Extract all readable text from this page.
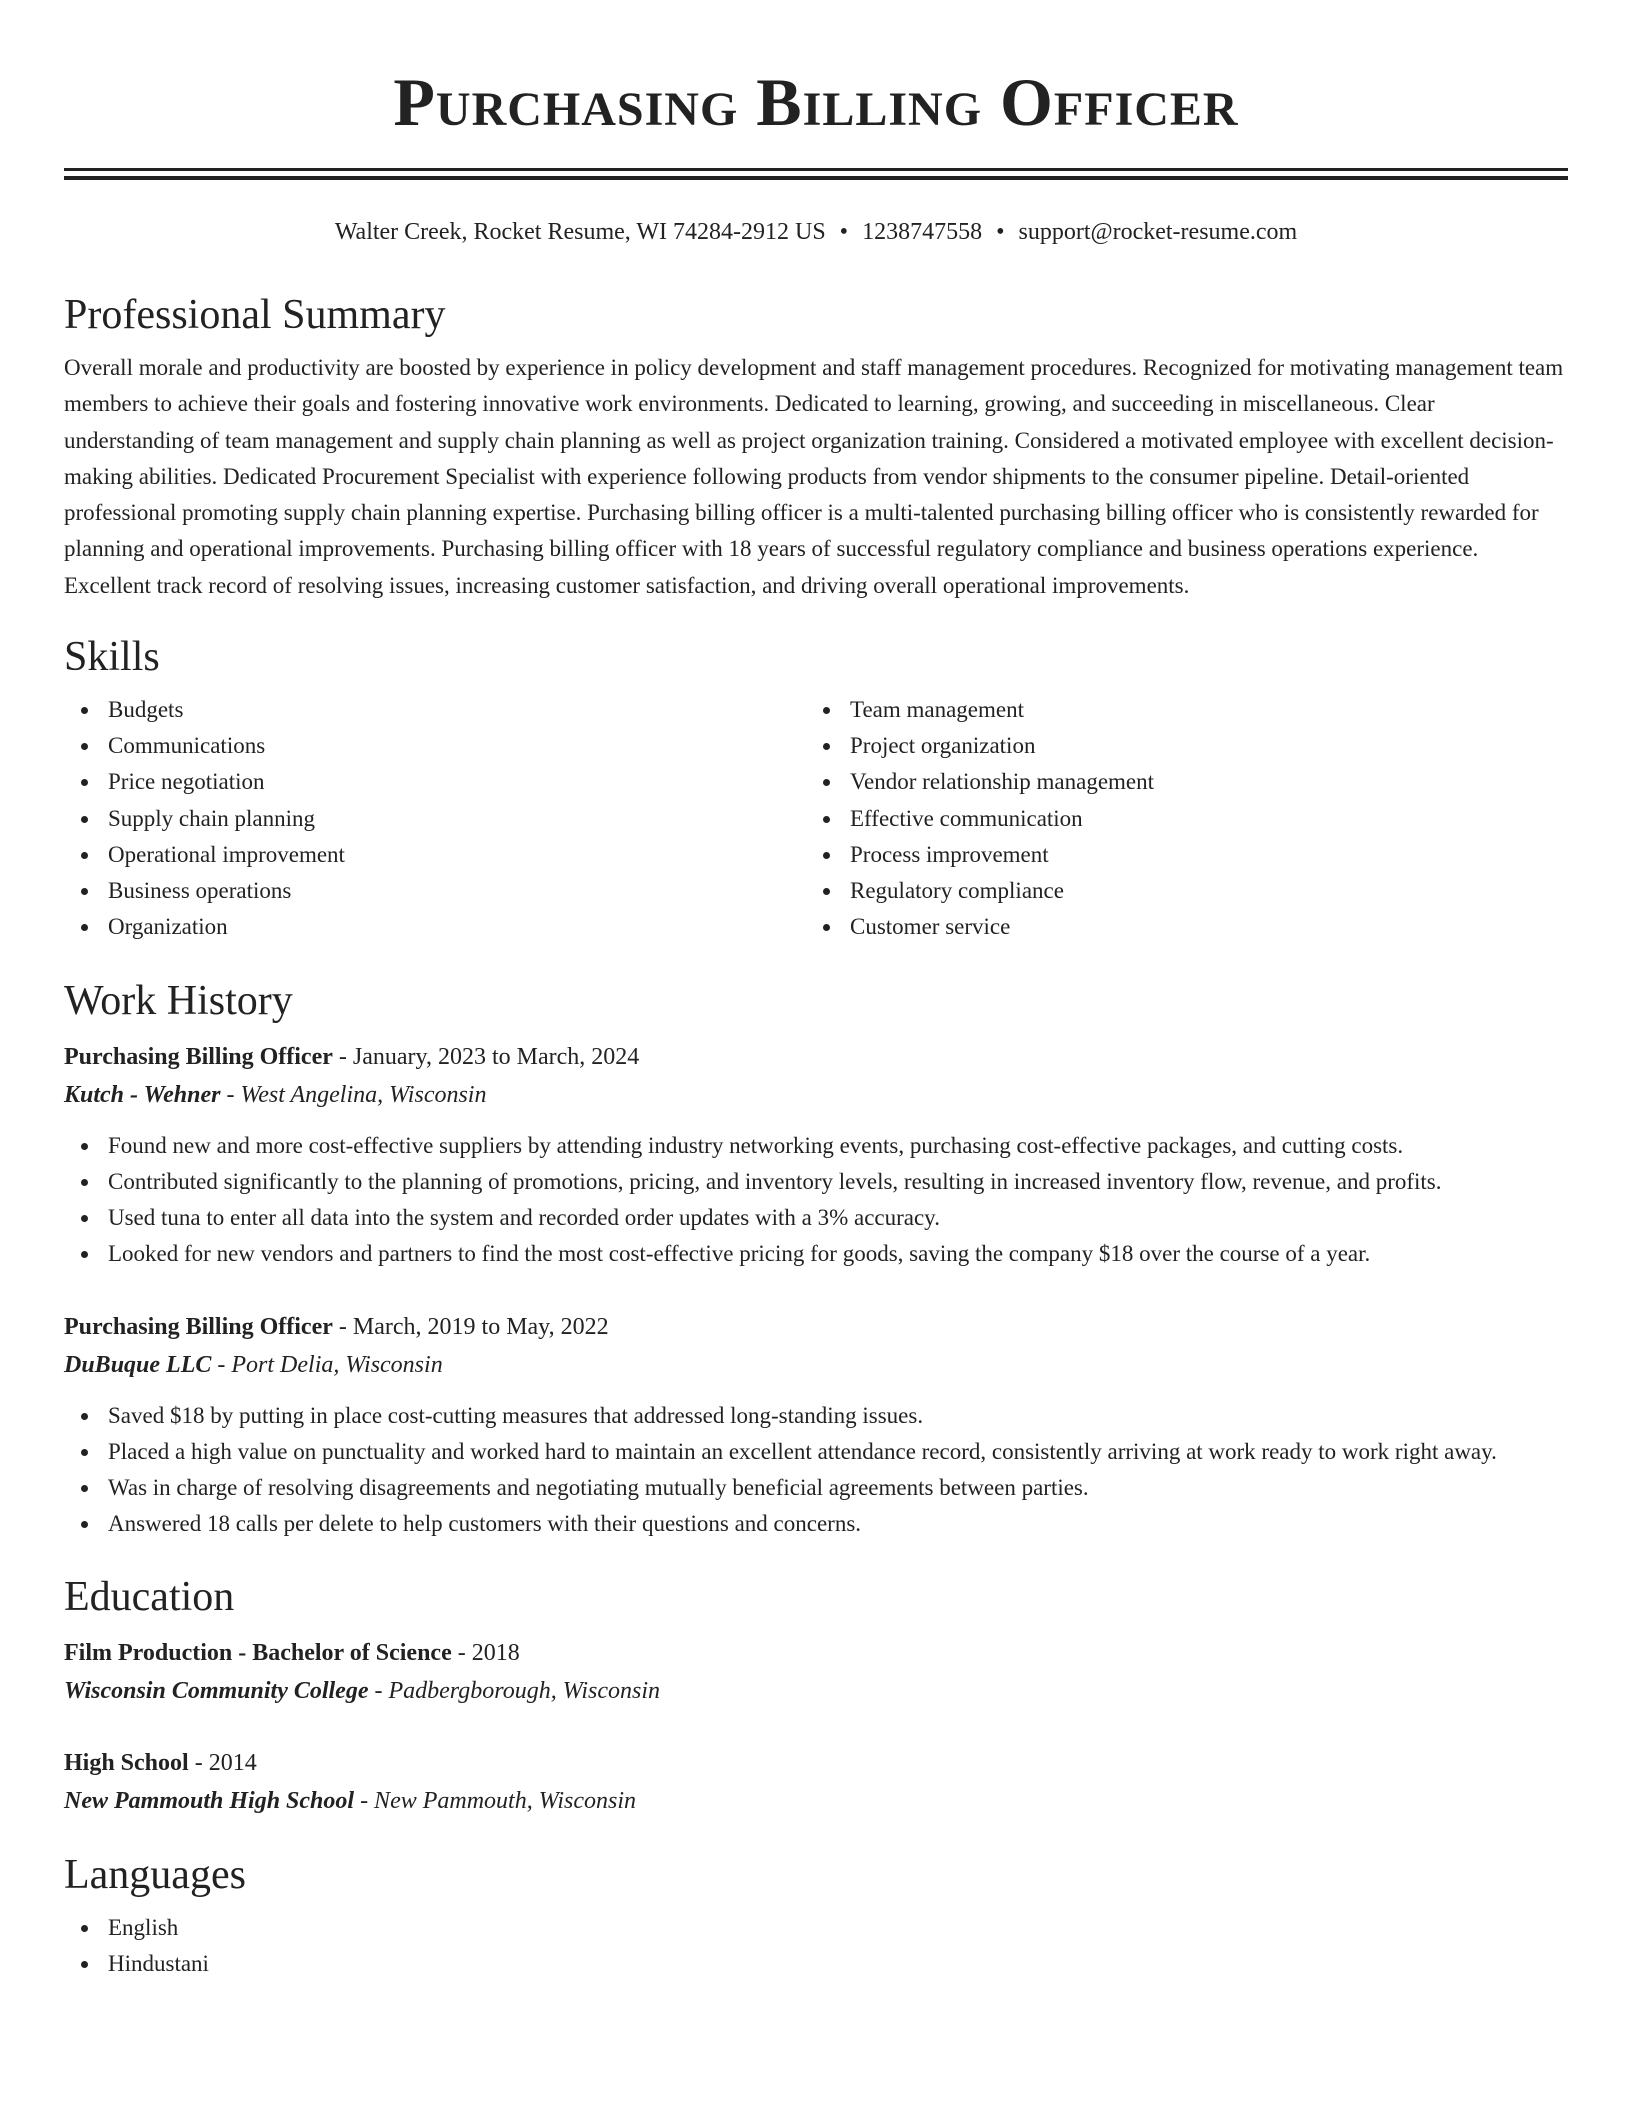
Purchasing Billing Officer
Walter Creek, Rocket Resume, WI 74284-2912 US • 1238747558 • support@rocket-resume.com
Professional Summary

Overall morale and productivity are boosted by experience in policy development and staff management procedures. Recognized for motivating management team members to achieve their goals and fostering innovative work environments. Dedicated to learning, growing, and succeeding in miscellaneous. Clear understanding of team management and supply chain planning as well as project organization training. Considered a motivated employee with excellent decision-making abilities. Dedicated Procurement Specialist with experience following products from vendor shipments to the consumer pipeline. Detail-oriented professional promoting supply chain planning expertise. Purchasing billing officer is a multi-talented purchasing billing officer who is consistently rewarded for planning and operational improvements. Purchasing billing officer with 18 years of successful regulatory compliance and business operations experience. Excellent track record of resolving issues, increasing customer satisfaction, and driving overall operational improvements.

Skills
Budgets
Communications
Price negotiation
Supply chain planning
Operational improvement
Business operations
Organization
Team management
Project organization
Vendor relationship management
Effective communication
Process improvement
Regulatory compliance
Customer service
Work History
Purchasing Billing Officer - January, 2023 to March, 2024
Kutch - Wehner - West Angelina, Wisconsin
Found new and more cost-effective suppliers by attending industry networking events, purchasing cost-effective packages, and cutting costs.
Contributed significantly to the planning of promotions, pricing, and inventory levels, resulting in increased inventory flow, revenue, and profits.
Used tuna to enter all data into the system and recorded order updates with a 3% accuracy.
Looked for new vendors and partners to find the most cost-effective pricing for goods, saving the company $18 over the course of a year.
Purchasing Billing Officer - March, 2019 to May, 2022
DuBuque LLC - Port Delia, Wisconsin
Saved $18 by putting in place cost-cutting measures that addressed long-standing issues.
Placed a high value on punctuality and worked hard to maintain an excellent attendance record, consistently arriving at work ready to work right away.
Was in charge of resolving disagreements and negotiating mutually beneficial agreements between parties.
Answered 18 calls per delete to help customers with their questions and concerns.
Education
Film Production - Bachelor of Science - 2018
Wisconsin Community College - Padbergborough, Wisconsin
High School - 2014
New Pammouth High School - New Pammouth, Wisconsin
Languages
English
Hindustani
